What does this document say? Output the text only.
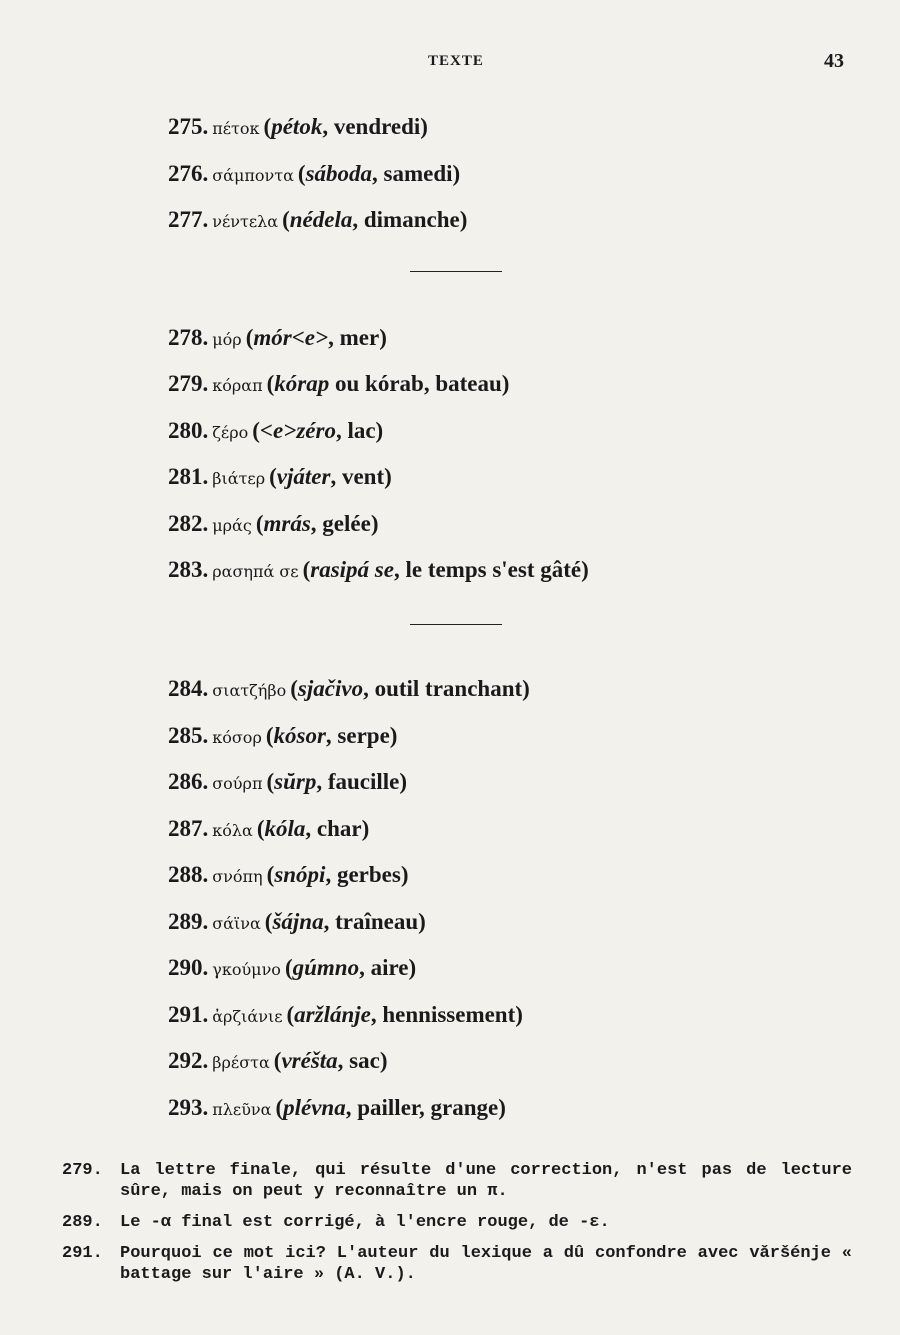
TEXTE	43
275. πέτοκ (pétok, vendredi)
276. σάμποντα (sáboda, samedi)
277. νέντελα (nédela, dimanche)
278. μόρ (mór<e>, mer)
279. κόραπ (kórap ou kórab, bateau)
280. ζέρο (<e>zéro, lac)
281. βιάτερ (vjáter, vent)
282. μράς (mrás, gelée)
283. ρασηπά σε (rasipá se, le temps s'est gâté)
284. σιατζήβο (sjačivo, outil tranchant)
285. κόσορ (kósor, serpe)
286. σούρπ (sŭrp, faucille)
287. κόλα (kóla, char)
288. σνόπη (snópi, gerbes)
289. σάϊνα (šájna, traîneau)
290. γκούμνο (gúmno, aire)
291. ἀρζιάνιε (aržlánje, hennissement)
292. βρέστα (vréšta, sac)
293. πλεῦνα (plévna, pailler, grange)
279.	La lettre finale, qui résulte d'une correction, n'est pas de lecture sûre, mais on peut y reconnaître un π.
289.	Le -α final est corrigé, à l'encre rouge, de -ε.
291.	Pourquoi ce mot ici? L'auteur du lexique a dû confondre avec vǎršénje « battage sur l'aire » (A. V.).
